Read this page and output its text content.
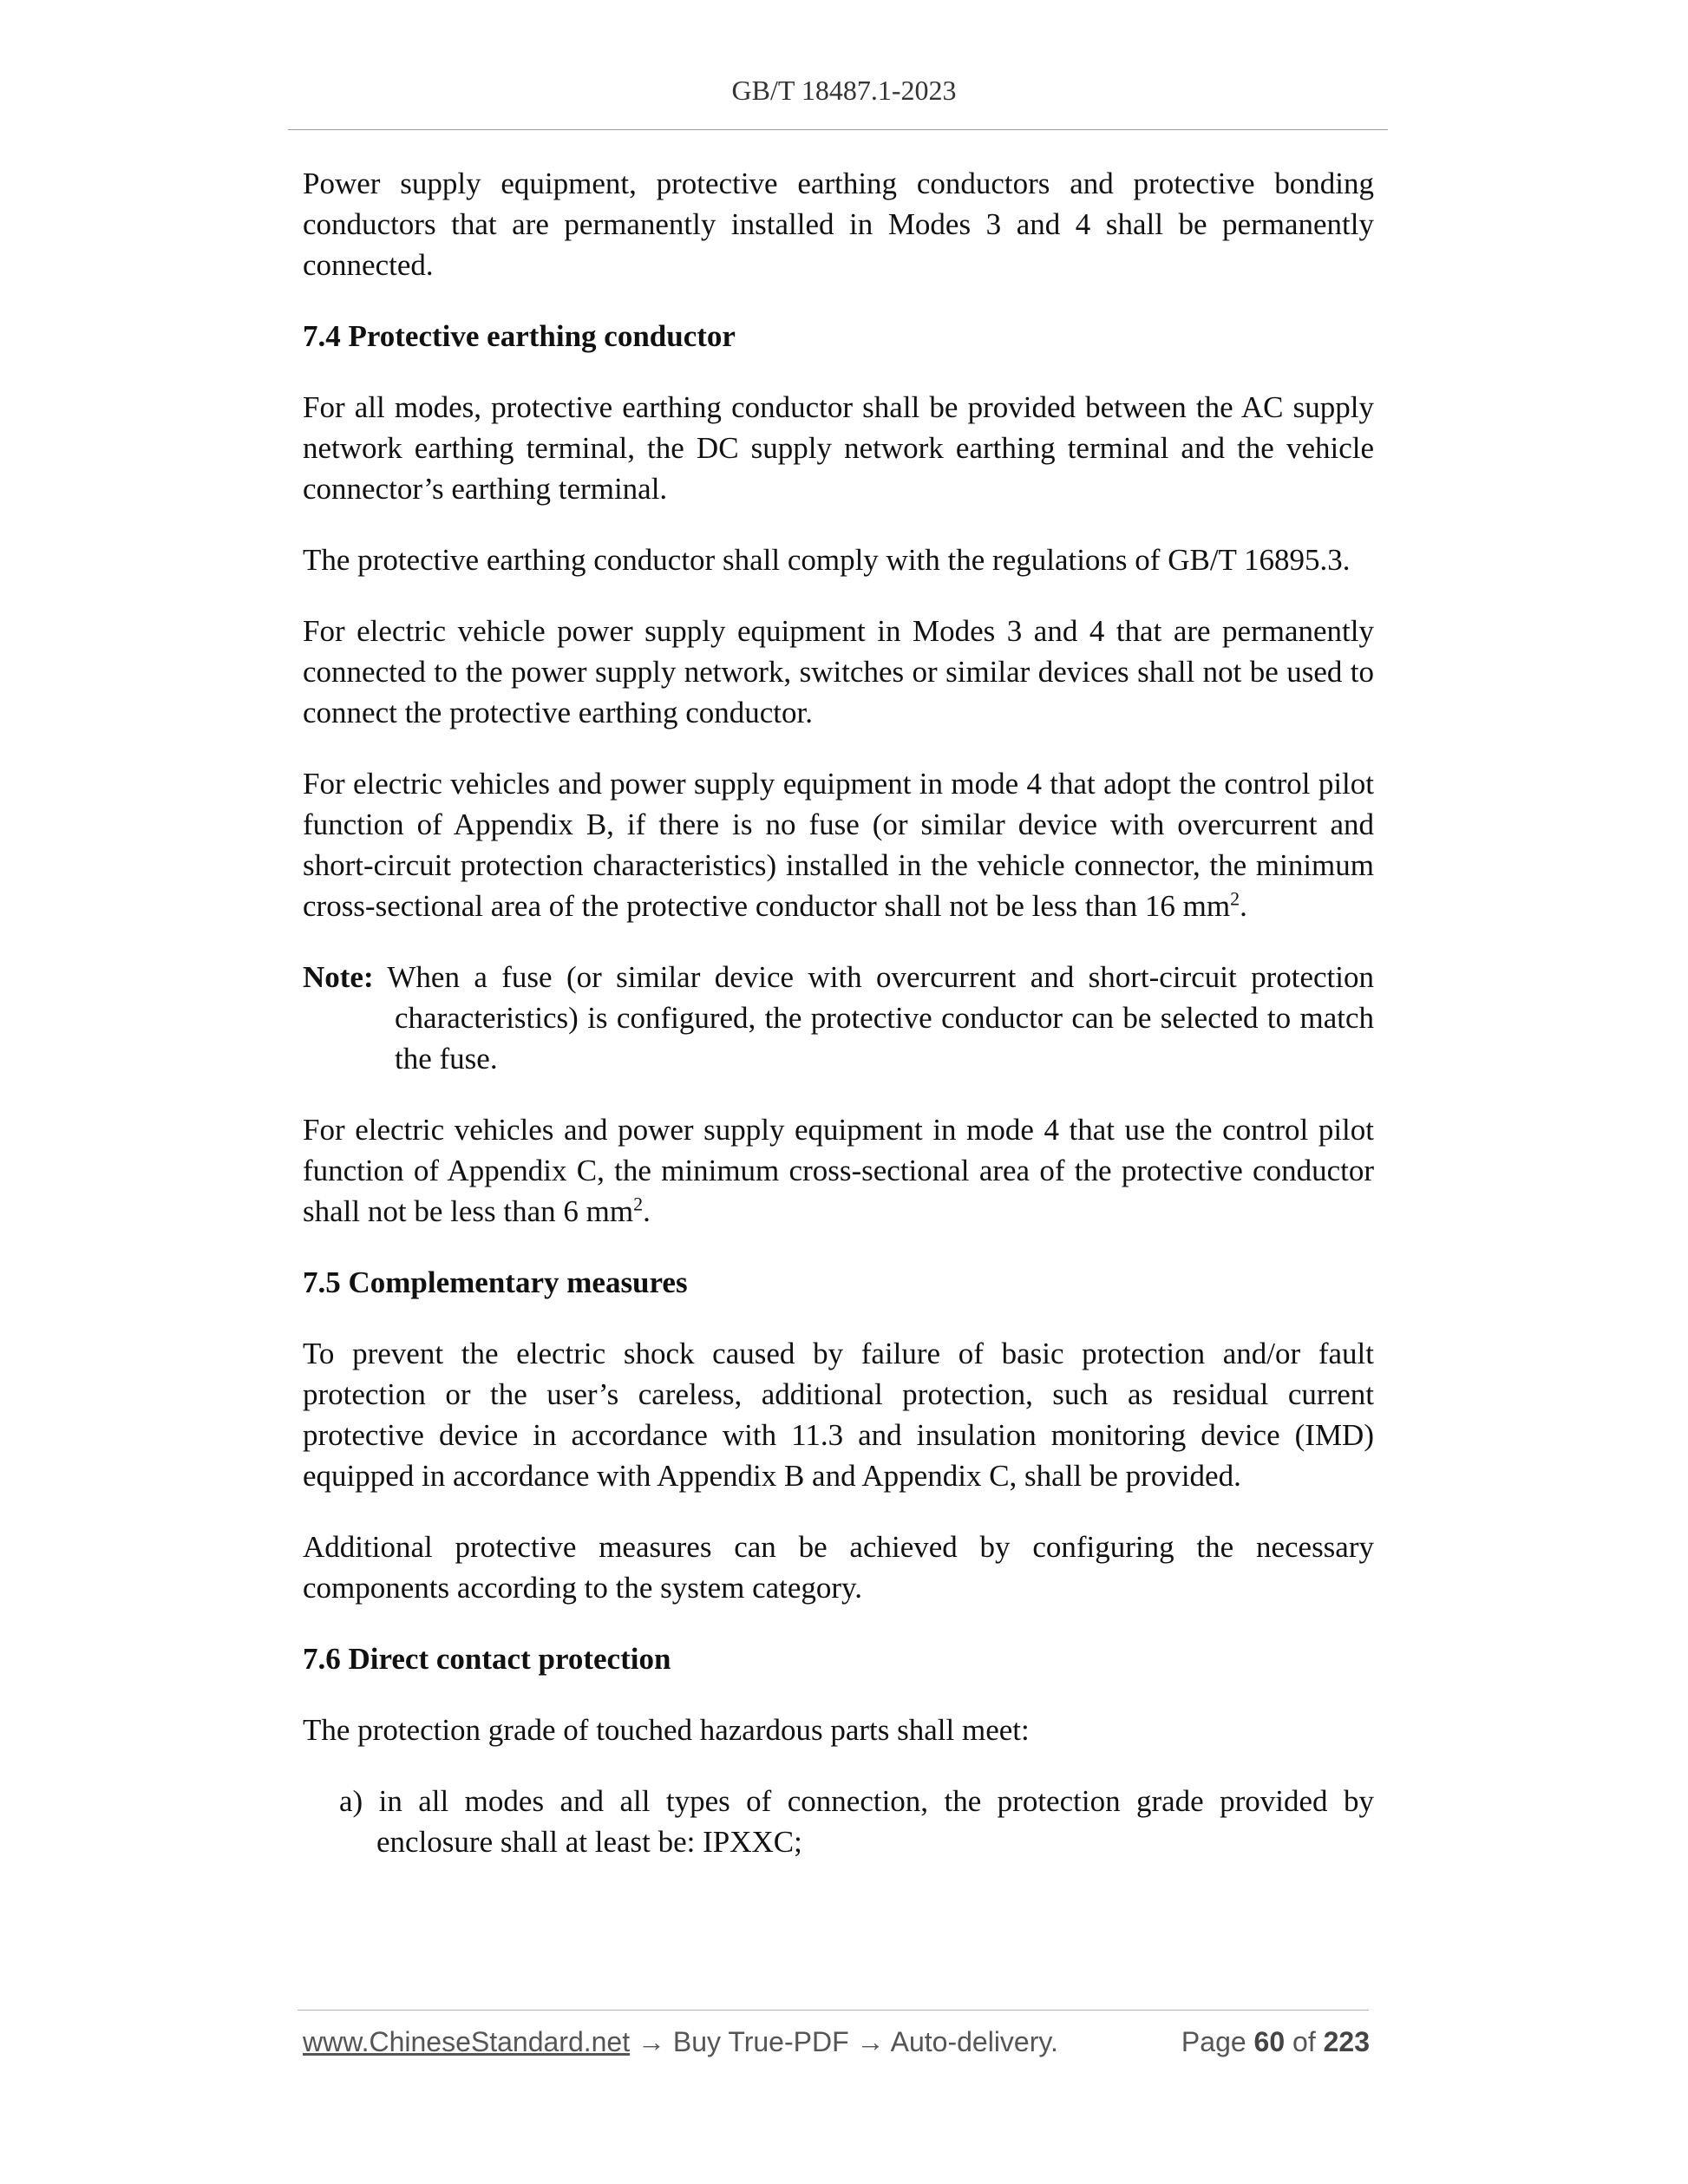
GB/T 18487.1-2023

Power supply equipment, protective earthing conductors and protective bonding conductors that are permanently installed in Modes 3 and 4 shall be permanently connected.

7.4 Protective earthing conductor

For all modes, protective earthing conductor shall be provided between the AC supply network earthing terminal, the DC supply network earthing terminal and the vehicle connector’s earthing terminal.

The protective earthing conductor shall comply with the regulations of GB/T 16895.3.

For electric vehicle power supply equipment in Modes 3 and 4 that are permanently connected to the power supply network, switches or similar devices shall not be used to connect the protective earthing conductor.

For electric vehicles and power supply equipment in mode 4 that adopt the control pilot function of Appendix B, if there is no fuse (or similar device with overcurrent and short-circuit protection characteristics) installed in the vehicle connector, the minimum cross-sectional area of the protective conductor shall not be less than 16 $mm^2$.

Note: When a fuse (or similar device with overcurrent and short-circuit protection characteristics) is configured, the protective conductor can be selected to match the fuse.

For electric vehicles and power supply equipment in mode 4 that use the control pilot function of Appendix C, the minimum cross-sectional area of the protective conductor shall not be less than 6 $mm^2$.

7.5 Complementary measures

To prevent the electric shock caused by failure of basic protection and/or fault protection or the user’s careless, additional protection, such as residual current protective device in accordance with 11.3 and insulation monitoring device (IMD) equipped in accordance with Appendix B and Appendix C, shall be provided.

Additional protective measures can be achieved by configuring the necessary components according to the system category.

7.6 Direct contact protection

The protection grade of touched hazardous parts shall meet:

a) in all modes and all types of connection, the protection grade provided by enclosure shall at least be: IPXXC;

www.ChineseStandard.net → Buy True-PDF → Auto-delivery.	Page 60 of 223
